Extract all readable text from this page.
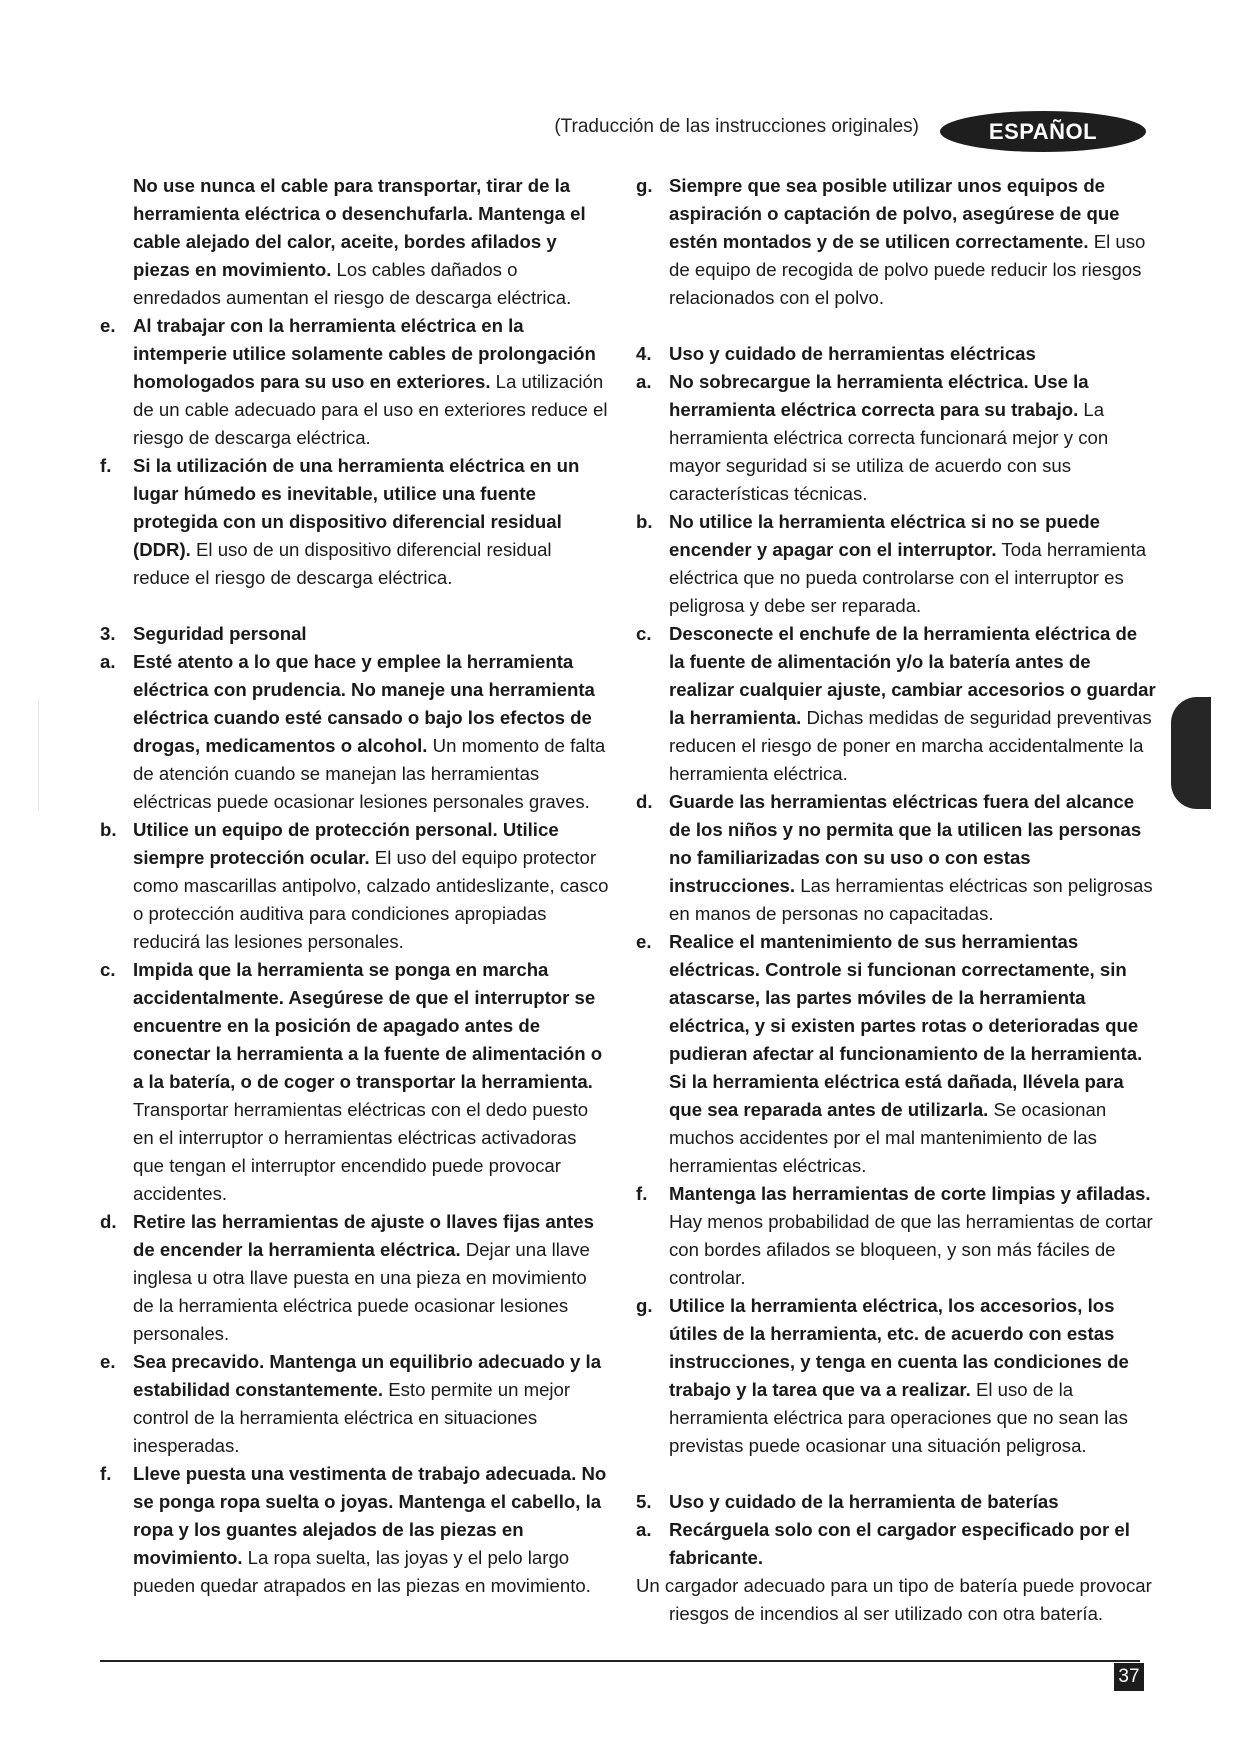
(Traducción de las instrucciones originales)	ESPAÑOL
No use nunca el cable para transportar, tirar de la herramienta eléctrica o desenchufarla. Mantenga el cable alejado del calor, aceite, bordes afilados y piezas en movimiento. Los cables dañados o enredados aumentan el riesgo de descarga eléctrica.
e. Al trabajar con la herramienta eléctrica en la intemperie utilice solamente cables de prolongación homologados para su uso en exteriores. La utilización de un cable adecuado para el uso en exteriores reduce el riesgo de descarga eléctrica.
f. Si la utilización de una herramienta eléctrica en un lugar húmedo es inevitable, utilice una fuente protegida con un dispositivo diferencial residual (DDR). El uso de un dispositivo diferencial residual reduce el riesgo de descarga eléctrica.
3. Seguridad personal
a. Esté atento a lo que hace y emplee la herramienta eléctrica con prudencia. No maneje una herramienta eléctrica cuando esté cansado o bajo los efectos de drogas, medicamentos o alcohol. Un momento de falta de atención cuando se manejan las herramientas eléctricas puede ocasionar lesiones personales graves.
b. Utilice un equipo de protección personal. Utilice siempre protección ocular. El uso del equipo protector como mascarillas antipolvo, calzado antideslizante, casco o protección auditiva para condiciones apropiadas reducirá las lesiones personales.
c. Impida que la herramienta se ponga en marcha accidentalmente. Asegúrese de que el interruptor se encuentre en la posición de apagado antes de conectar la herramienta a la fuente de alimentación o a la batería, o de coger o transportar la herramienta. Transportar herramientas eléctricas con el dedo puesto en el interruptor o herramientas eléctricas activadoras que tengan el interruptor encendido puede provocar accidentes.
d. Retire las herramientas de ajuste o llaves fijas antes de encender la herramienta eléctrica. Dejar una llave inglesa u otra llave puesta en una pieza en movimiento de la herramienta eléctrica puede ocasionar lesiones personales.
e. Sea precavido. Mantenga un equilibrio adecuado y la estabilidad constantemente. Esto permite un mejor control de la herramienta eléctrica en situaciones inesperadas.
f. Lleve puesta una vestimenta de trabajo adecuada. No se ponga ropa suelta o joyas. Mantenga el cabello, la ropa y los guantes alejados de las piezas en movimiento. La ropa suelta, las joyas y el pelo largo pueden quedar atrapados en las piezas en movimiento.
g. Siempre que sea posible utilizar unos equipos de aspiración o captación de polvo, asegúrese de que estén montados y de se utilicen correctamente. El uso de equipo de recogida de polvo puede reducir los riesgos relacionados con el polvo.
4. Uso y cuidado de herramientas eléctricas
a. No sobrecargue la herramienta eléctrica. Use la herramienta eléctrica correcta para su trabajo. La herramienta eléctrica correcta funcionará mejor y con mayor seguridad si se utiliza de acuerdo con sus características técnicas.
b. No utilice la herramienta eléctrica si no se puede encender y apagar con el interruptor. Toda herramienta eléctrica que no pueda controlarse con el interruptor es peligrosa y debe ser reparada.
c. Desconecte el enchufe de la herramienta eléctrica de la fuente de alimentación y/o la batería antes de realizar cualquier ajuste, cambiar accesorios o guardar la herramienta. Dichas medidas de seguridad preventivas reducen el riesgo de poner en marcha accidentalmente la herramienta eléctrica.
d. Guarde las herramientas eléctricas fuera del alcance de los niños y no permita que la utilicen las personas no familiarizadas con su uso o con estas instrucciones. Las herramientas eléctricas son peligrosas en manos de personas no capacitadas.
e. Realice el mantenimiento de sus herramientas eléctricas. Controle si funcionan correctamente, sin atascarse, las partes móviles de la herramienta eléctrica, y si existen partes rotas o deterioradas que pudieran afectar al funcionamiento de la herramienta. Si la herramienta eléctrica está dañada, llévela para que sea reparada antes de utilizarla. Se ocasionan muchos accidentes por el mal mantenimiento de las herramientas eléctricas.
f. Mantenga las herramientas de corte limpias y afiladas. Hay menos probabilidad de que las herramientas de cortar con bordes afilados se bloqueen, y son más fáciles de controlar.
g. Utilice la herramienta eléctrica, los accesorios, los útiles de la herramienta, etc. de acuerdo con estas instrucciones, y tenga en cuenta las condiciones de trabajo y la tarea que va a realizar. El uso de la herramienta eléctrica para operaciones que no sean las previstas puede ocasionar una situación peligrosa.
5. Uso y cuidado de la herramienta de baterías
a. Recárguela solo con el cargador especificado por el fabricante.
Un cargador adecuado para un tipo de batería puede provocar riesgos de incendios al ser utilizado con otra batería.
37
